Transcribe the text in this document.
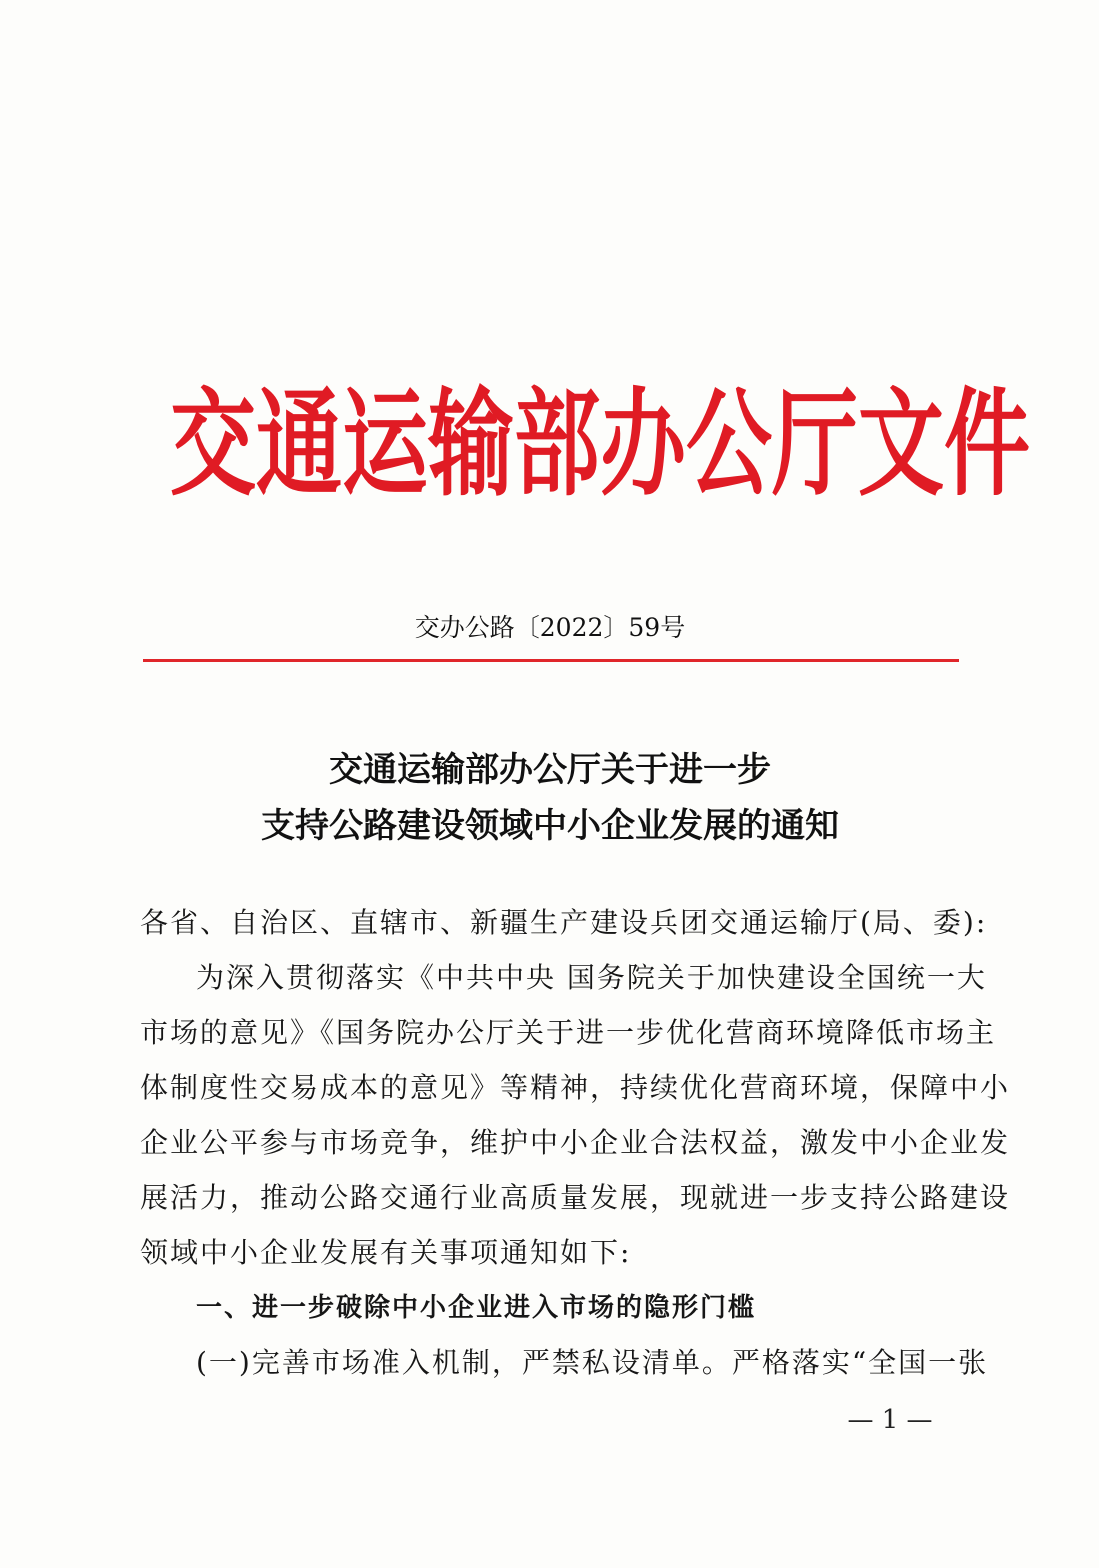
交通运输部办公厅文件
交办公路〔2022〕59号
交通运输部办公厅关于进一步
支持公路建设领域中小企业发展的通知

各省、自治区、直辖市、新疆生产建设兵团交通运输厅(局、委):

为深入贯彻落实《中共中央 国务院关于加快建设全国统一大

市场的意见》《国务院办公厅关于进一步优化营商环境降低市场主

体制度性交易成本的意见》等精神，持续优化营商环境，保障中小

企业公平参与市场竞争，维护中小企业合法权益，激发中小企业发

展活力，推动公路交通行业高质量发展，现就进一步支持公路建设

领域中小企业发展有关事项通知如下:

一、进一步破除中小企业进入市场的隐形门槛

(一)完善市场准入机制，严禁私设清单。严格落实“全国一张

— 1 —
